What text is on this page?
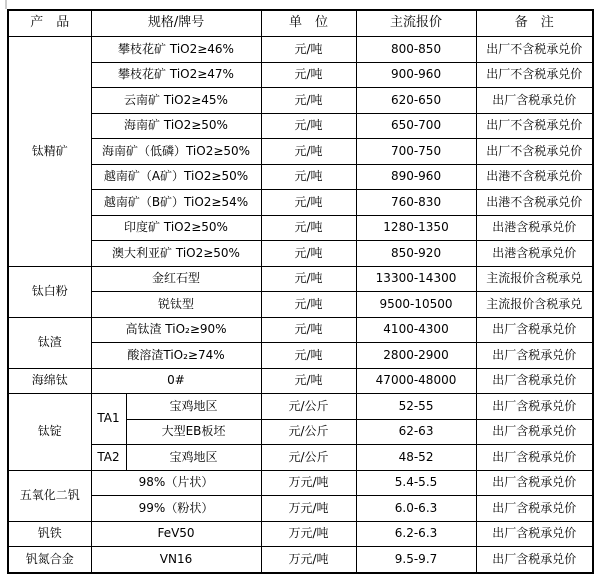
产　品	规格/牌号		单　位	主流报价	备　注
钛精矿	攀枝花矿 TiO2≥46%		元/吨	800-850	出厂不含税承兑价
	攀枝花矿 TiO2≥47%		元/吨	900-960	出厂不含税承兑价
	云南矿 TiO2≥45%		元/吨	620-650	出厂含税承兑价
	海南矿 TiO2≥50%		元/吨	650-700	出厂不含税承兑价
	海南矿（低磷）TiO2≥50%		元/吨	700-750	出厂不含税承兑价
	越南矿（A矿）TiO2≥50%		元/吨	890-960	出港不含税承兑价
	越南矿（B矿）TiO2≥54%		元/吨	760-830	出港不含税承兑价
	印度矿 TiO2≥50%		元/吨	1280-1350	出港含税承兑价
	澳大利亚矿 TiO2≥50%		元/吨	850-920	出港含税承兑价
钛白粉	金红石型		元/吨	13300-14300	主流报价含税承兑
	锐钛型		元/吨	9500-10500	主流报价含税承兑
钛渣	高钛渣 TiO₂≥90%		元/吨	4100-4300	出厂含税承兑价
	酸溶渣TiO₂≥74%		元/吨	2800-2900	出厂含税承兑价
海绵钛	0#		元/吨	47000-48000	出厂含税承兑价
钛锭	TA1	宝鸡地区	元/公斤	52-55	出厂含税承兑价
		大型EB板坯	元/公斤	62-63	出厂含税承兑价
	TA2	宝鸡地区	元/公斤	48-52	出厂含税承兑价
五氧化二钒	98%（片状）		万元/吨	5.4-5.5	出厂含税承兑价
	99%（粉状）		万元/吨	6.0-6.3	出厂含税承兑价
钒铁	FeV50		万元/吨	6.2-6.3	出厂含税承兑价
钒氮合金	VN16		万元/吨	9.5-9.7	出厂含税承兑价
